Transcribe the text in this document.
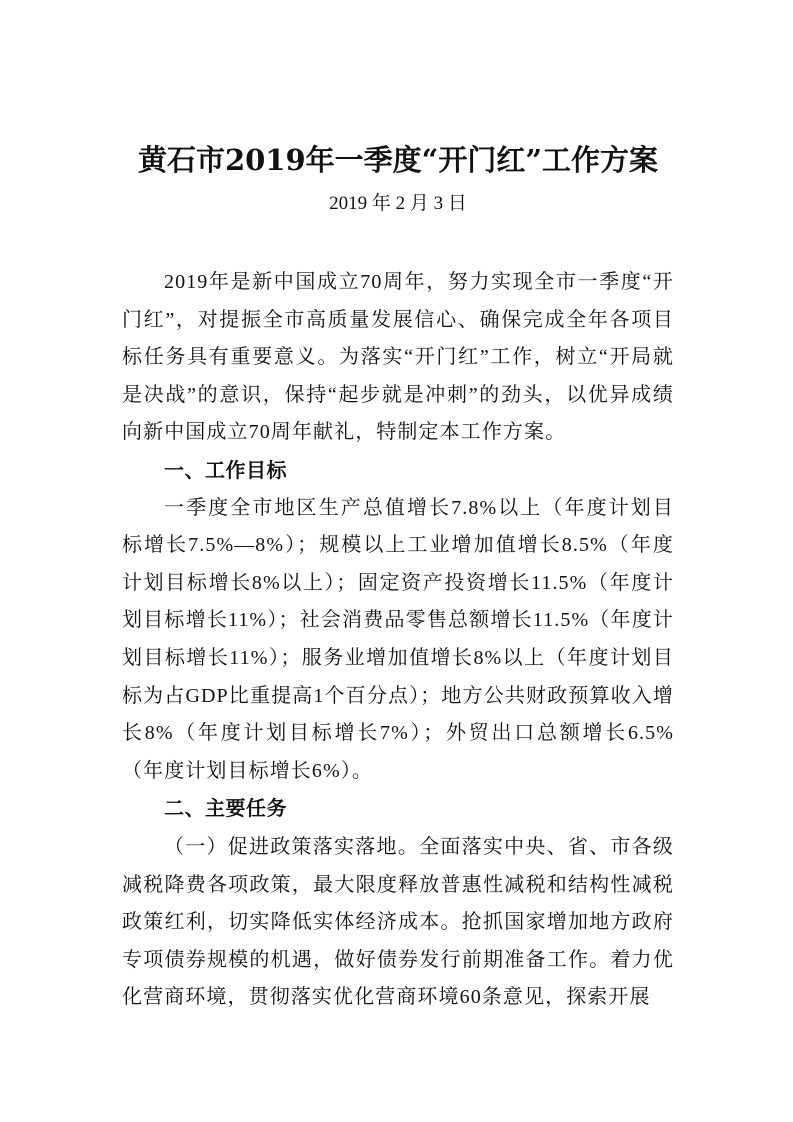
黄石市2019年一季度“开门红”工作方案
2019 年 2 月 3 日

2019年是新中国成立70周年，努力实现全市一季度“开门红”，对提振全市高质量发展信心、确保完成全年各项目标任务具有重要意义。为落实“开门红”工作，树立“开局就是决战”的意识，保持“起步就是冲刺”的劲头，以优异成绩向新中国成立70周年献礼，特制定本工作方案。

一、工作目标

一季度全市地区生产总值增长7.8%以上（年度计划目标增长7.5%—8%）；规模以上工业增加值增长8.5%（年度计划目标增长8%以上）；固定资产投资增长11.5%（年度计划目标增长11%）；社会消费品零售总额增长11.5%（年度计划目标增长11%）；服务业增加值增长8%以上（年度计划目标为占GDP比重提高1个百分点）；地方公共财政预算收入增长8%（年度计划目标增长7%）；外贸出口总额增长6.5%（年度计划目标增长6%）。

二、主要任务

（一）促进政策落实落地。全面落实中央、省、市各级减税降费各项政策，最大限度释放普惠性减税和结构性减税政策红利，切实降低实体经济成本。抢抓国家增加地方政府专项债券规模的机遇，做好债券发行前期准备工作。着力优化营商环境，贯彻落实优化营商环境60条意见，探索开展
